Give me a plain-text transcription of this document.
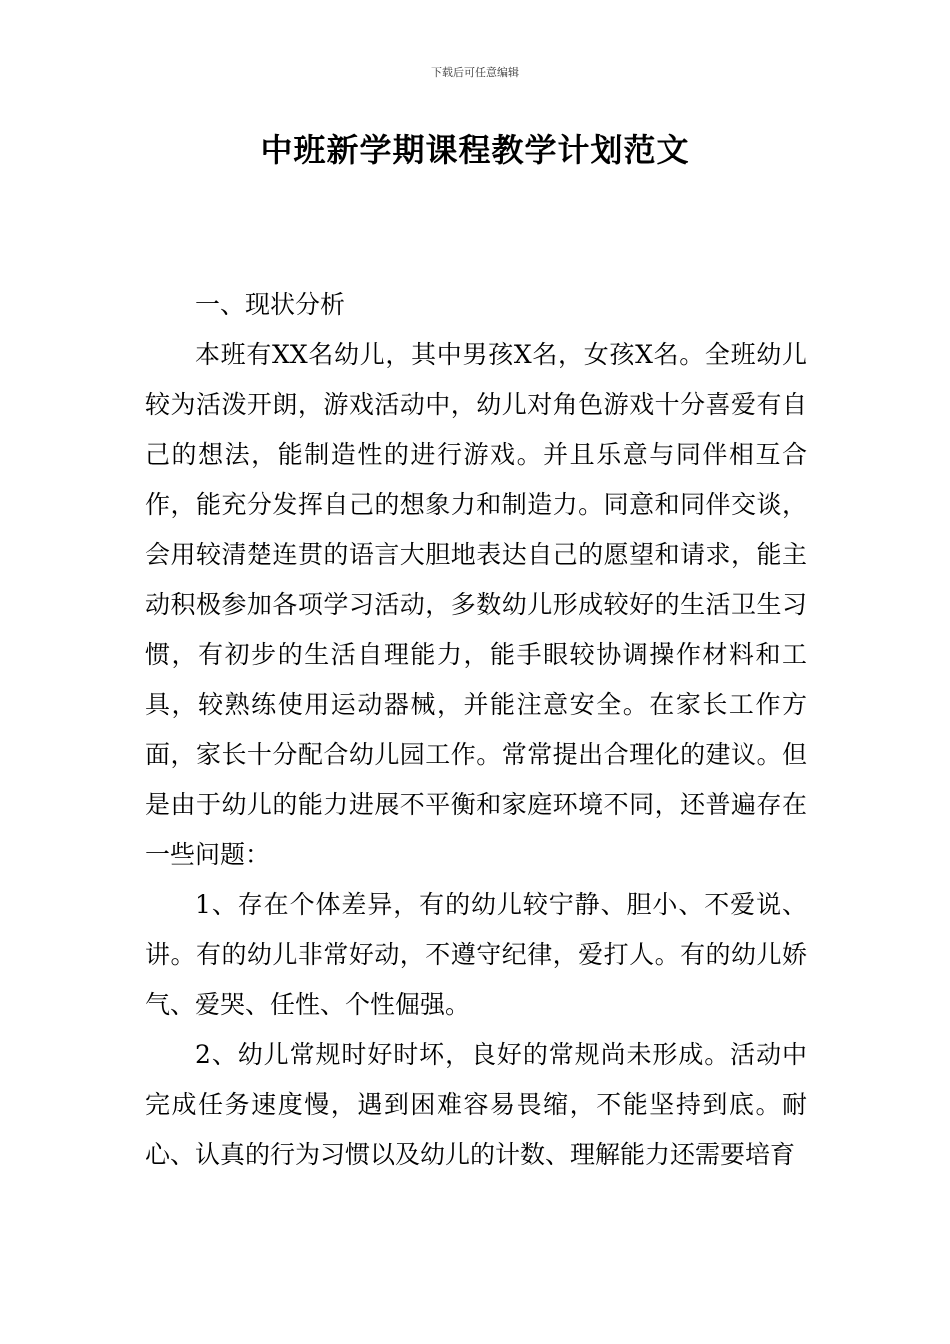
下载后可任意编辑
中班新学期课程教学计划范文

一、现状分析

本班有XX名幼儿，其中男孩X名，女孩X名。全班幼儿较为活泼开朗，游戏活动中，幼儿对角色游戏十分喜爱有自己的想法，能制造性的进行游戏。并且乐意与同伴相互合作，能充分发挥自己的想象力和制造力。同意和同伴交谈，会用较清楚连贯的语言大胆地表达自己的愿望和请求，能主动积极参加各项学习活动，多数幼儿形成较好的生活卫生习惯，有初步的生活自理能力，能手眼较协调操作材料和工具，较熟练使用运动器械，并能注意安全。在家长工作方面，家长十分配合幼儿园工作。常常提出合理化的建议。但是由于幼儿的能力进展不平衡和家庭环境不同，还普遍存在一些问题：

1、存在个体差异，有的幼儿较宁静、胆小、不爱说、讲。有的幼儿非常好动，不遵守纪律，爱打人。有的幼儿娇气、爱哭、任性、个性倔强。

2、幼儿常规时好时坏，良好的常规尚未形成。活动中完成任务速度慢，遇到困难容易畏缩，不能坚持到底。耐心、认真的行为习惯以及幼儿的计数、理解能力还需要培育
